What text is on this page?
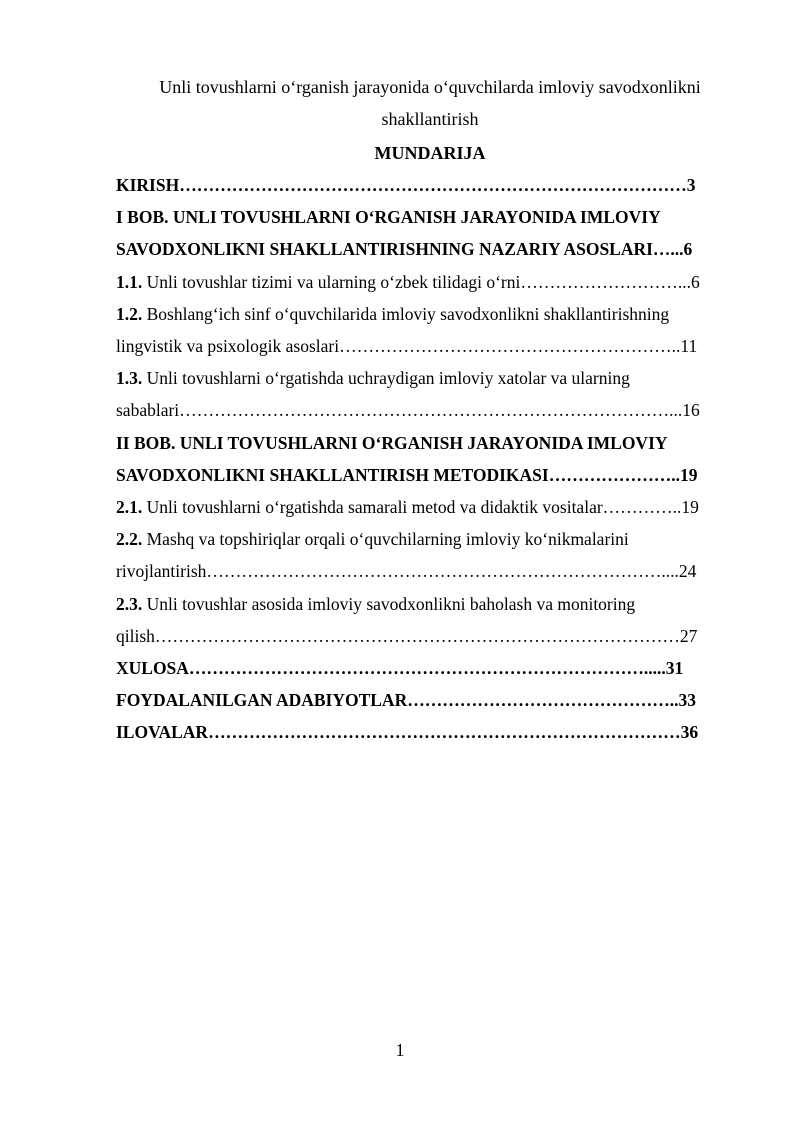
Unli tovushlarni o‘rganish jarayonida o‘quvchilarda imloviy savodxonlikni
shakllantirish
MUNDARIJA
KIRISH……………………………………………………………………………3
I BOB. UNLI TOVUSHLARNI O‘RGANISH JARAYONIDA IMLOVIY
SAVODXONLIKNI SHAKLLANTIRISHNING NAZARIY ASOSLARI…...6
1.1. Unli tovushlar tizimi va ularning o‘zbek tilidagi o‘rni………………………...6
1.2. Boshlang‘ich sinf o‘quvchilarida imloviy savodxonlikni shakllantirishning
lingvistik va psixologik asoslari…………………………………………………..11
1.3. Unli tovushlarni o‘rgatishda uchraydigan imloviy xatolar va ularning
sabablari…………………………………………………………………………...16
II BOB. UNLI TOVUSHLARNI O‘RGANISH JARAYONIDA IMLOVIY
SAVODXONLIKNI SHAKLLANTIRISH METODIKASI…………………..19
2.1. Unli tovushlarni o‘rgatishda samarali metod va didaktik vositalar…………..19
2.2. Mashq va topshiriqlar orqali o‘quvchilarning imloviy ko‘nikmalarini
rivojlantirish……………………………………………………………………....24
2.3. Unli tovushlar asosida imloviy savodxonlikni baholash va monitoring
qilish………………………………………………………………………………27
XULOSA…………………………………………………………………….....31
FOYDALANILGAN ADABIYOTLAR………………………………………..33
ILOVALAR………………………………………………………………………36
1
